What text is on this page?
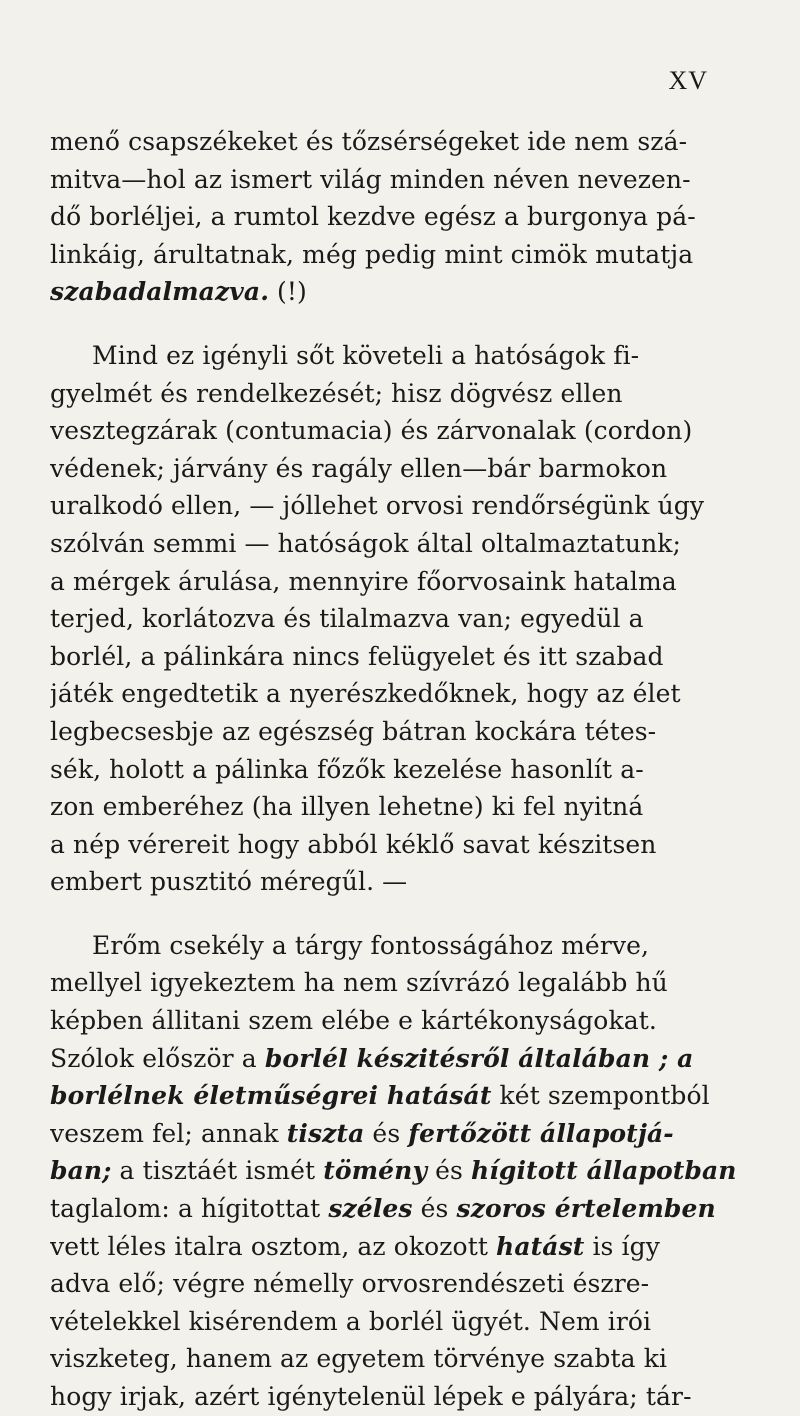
XV
menő csapszékeket és tőzsérségeket ide nem szá-
mitva—hol az ismert világ minden néven nevezen-
dő borléljei, a rumtol kezdve egész a burgonya pá-
linkáig, árultatnak, még pedig mint cimök mutatja
szabadalmazva. (!)
Mind ez igényli sőt követeli a hatóságok fi-
gyelmét és rendelkezését; hisz dögvész ellen
vesztegzárak (contumacia) és zárvonalak (cordon)
védenek; járvány és ragály ellen—bár barmokon
uralkodó ellen, — jóllehet orvosi rendőrségünk úgy
szólván semmi — hatóságok által oltalmaztatunk;
a mérgek árulása, mennyire főorvosaink hatalma
terjed, korlátozva és tilalmazva van; egyedül a
borlél, a pálinkára nincs felügyelet és itt szabad
játék engedtetik a nyerészkedőknek, hogy az élet
legbecsesbje az egészség bátran kockára tétes-
sék, holott a pálinka főzők kezelése hasonlít a-
zon emberéhez (ha illyen lehetne) ki fel nyitná
a nép vérereit hogy abból kéklő savat készitsen
embert pusztitó méregűl. —
Erőm csekély a tárgy fontosságához mérve,
mellyel igyekeztem ha nem szívrázó legalább hű
képben állitani szem elébe e kártékonyságokat.
Szólok először a borlél készitésről általában ; a
borlélnek életműségrei hatását két szempontból
veszem fel; annak tiszta és fertőzött állapotjá-
ban; a tisztáét ismét tömény és hígitott állapotban
taglalom: a hígitottat széles és szoros értelemben
vett léles italra osztom, az okozott hatást is így
adva elő; végre némelly orvosrendészeti észre-
vételekkel kisérendem a borlél ügyét. Nem irói
viszketeg, hanem az egyetem törvénye szabta ki
hogy irjak, azért igénytelenül lépek e pályára; tár-
